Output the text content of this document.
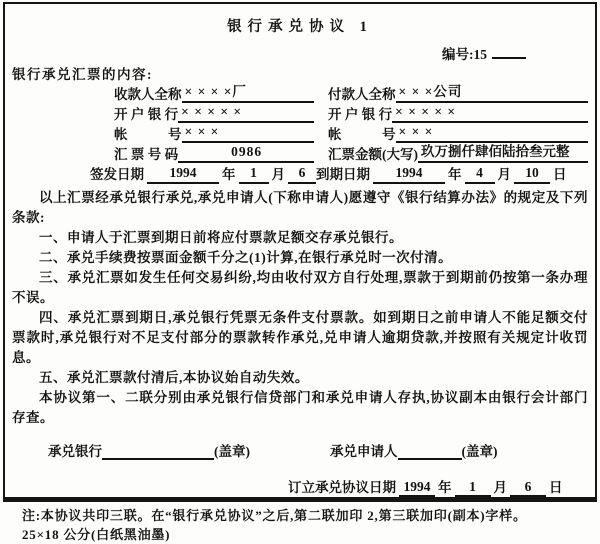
银行承兑协议 1
编号:15
银行承兑汇票的内容:
收款人全称 × × × ×厂	付款人全称 × × ×公司
开 户 银 行 × × × × ×	开 户 银 行 × × × × ×
帐　　　号 × × ×	帐　　　号 × × ×
汇 票 号 码	0986	汇票金额(大写) 玖万捌仟肆佰陆拾叁元整
签发日期	1994	年	1	月	6 到期日期	1994	年	4	月	10	日

以上汇票经承兑银行承兑,承兑申请人(下称申请人)愿遵守《银行结算办法》的规定及下列条款:

一、申请人于汇票到期日前将应付票款足额交存承兑银行。

二、承兑手续费按票面金额千分之(1)计算,在银行承兑时一次付清。

三、承兑汇票如发生任何交易纠纷,均由收付双方自行处理,票款于到期前仍按第一条办理不误。

四、承兑汇票到期日,承兑银行凭票无条件支付票款。如到期日之前申请人不能足额交付票款时,承兑银行对不足支付部分的票款转作承兑,兑申请人逾期贷款,并按照有关规定计收罚息。

五、承兑汇票款付清后,本协议始自动失效。

本协议第一、二联分别由承兑银行信贷部门和承兑申请人存执,协议副本由银行会计部门存查。

承兑银行	(盖章)	承兑申请人	(盖章)
订立承兑协议日期 1994 年	1	月	6	日
注:本协议共印三联。在“银行承兑协议”之后,第二联加印 2,第三联加印(副本)字样。
25×18 公分(白纸黑油墨)
